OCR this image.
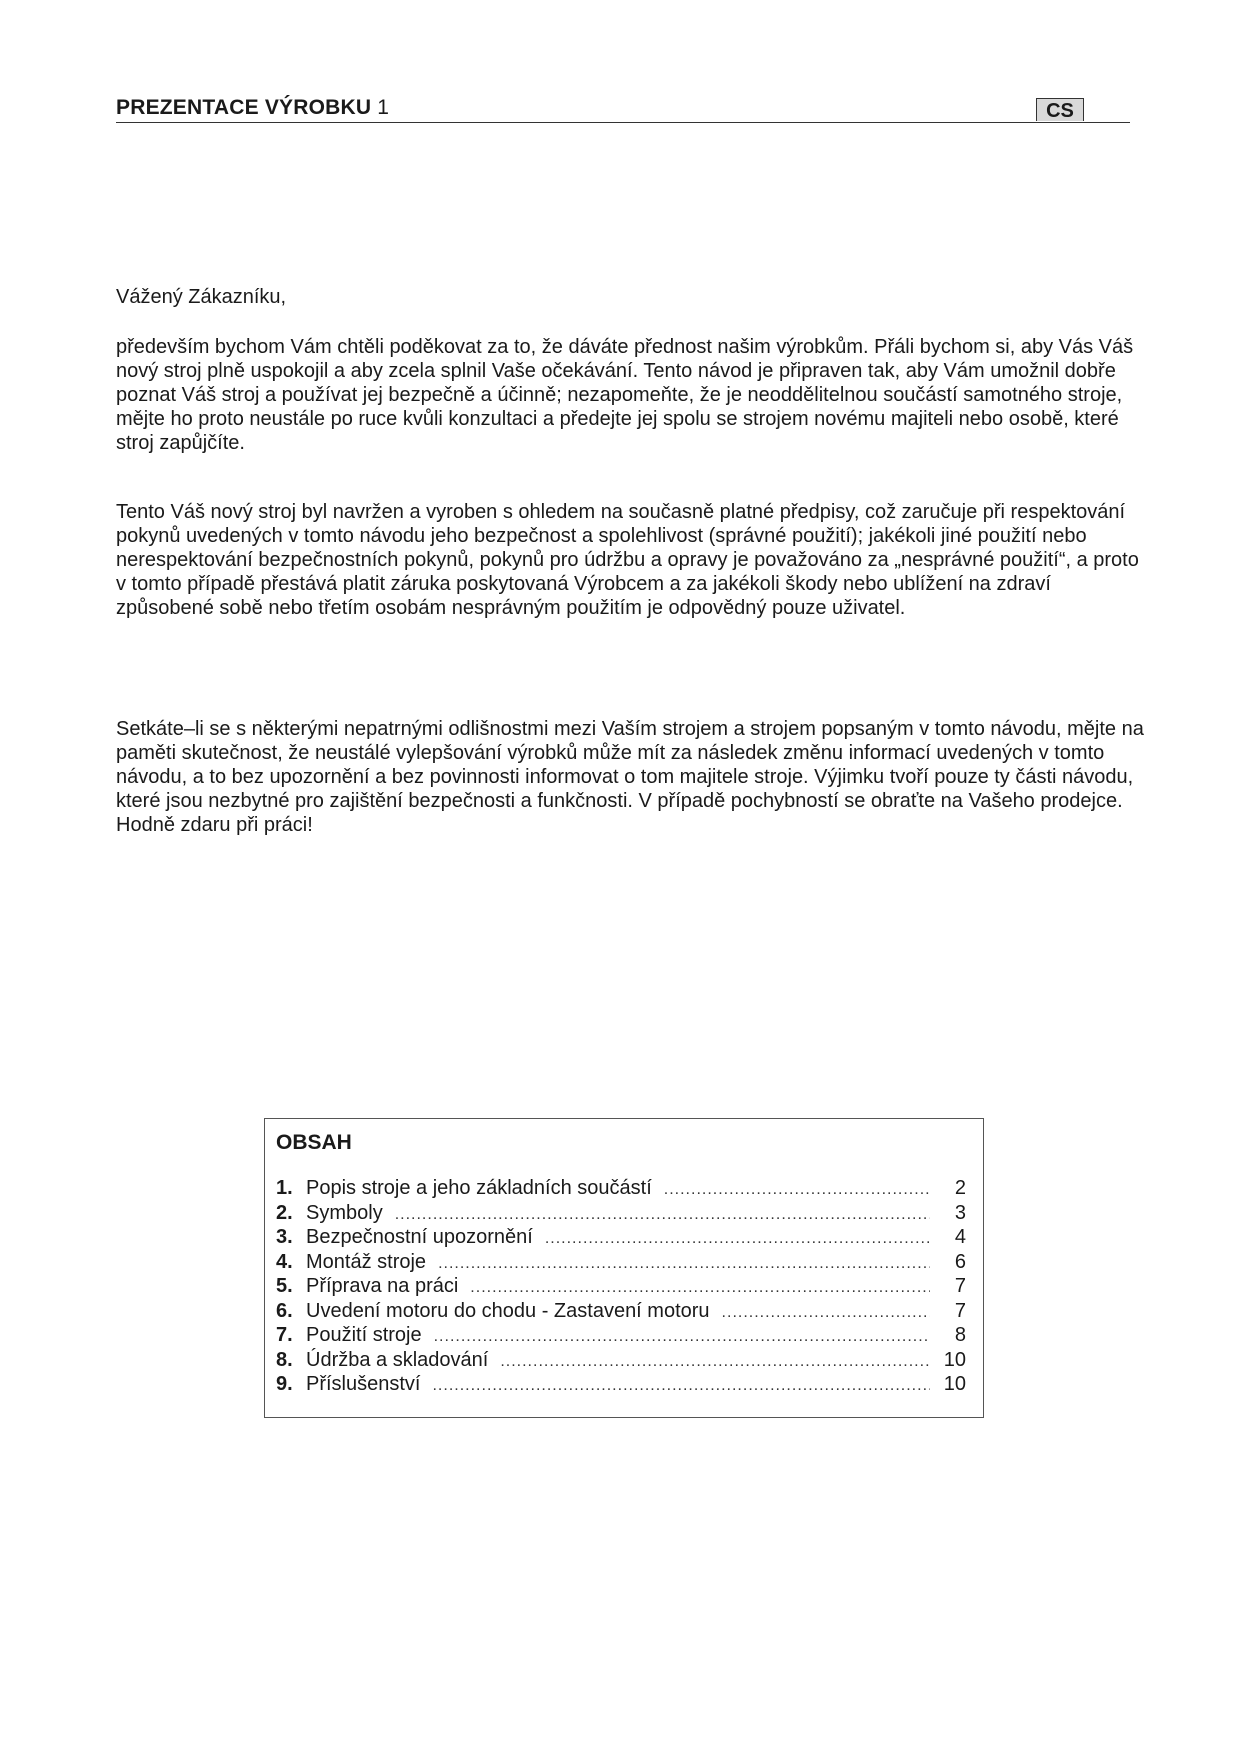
PREZENTACE VÝROBKU 1	CS

Vážený Zákazníku,

především bychom Vám chtěli poděkovat za to, že dáváte přednost našim výrobkům. Přáli bychom si, aby Vás Váš nový stroj plně uspokojil a aby zcela splnil Vaše očekávání. Tento návod je připraven tak, aby Vám umožnil dobře poznat Váš stroj a používat jej bezpečně a účinně; nezapomeňte, že je neoddělitelnou součástí samotného stroje, mějte ho proto neustále po ruce kvůli konzultaci a předejte jej spolu se strojem novému majiteli nebo osobě, které stroj zapůjčíte.

Tento Váš nový stroj byl navržen a vyroben s ohledem na současně platné předpisy, což zaručuje při respektování pokynů uvedených v tomto návodu jeho bezpečnost a spolehlivost (správné použití); jakékoli jiné použití nebo nerespektování bezpečnostních pokynů, pokynů pro údržbu a opravy je považováno za „nesprávné použití“, a proto v tomto případě přestává platit záruka poskytovaná Výrobcem a za jakékoli škody nebo ublížení na zdraví způsobené sobě nebo třetím osobám nesprávným použitím je odpovědný pouze uživatel.

Setkáte–li se s některými nepatrnými odlišnostmi mezi Vaším strojem a strojem popsaným v tomto návodu, mějte na paměti skutečnost, že neustálé vylepšování výrobků může mít za následek změnu informací uvedených v tomto návodu, a to bez upozornění a bez povinnosti informovat o tom majitele stroje. Výjimku tvoří pouze ty části návodu, které jsou nezbytné pro zajištění bezpečnosti a funkčnosti. V případě pochybností se obraťte na Vašeho prodejce. Hodně zdaru při práci!

OBSAH
1. Popis stroje a jeho základních součástí .....	2
2. Symboly .....	3
3. Bezpečnostní upozornění .....	4
4. Montáž stroje .....	6
5. Příprava na práci .....	7
6. Uvedení motoru do chodu - Zastavení motoru .....	7
7. Použití stroje .....	8
8. Údržba a skladování .....	10
9. Příslušenství .....	10
